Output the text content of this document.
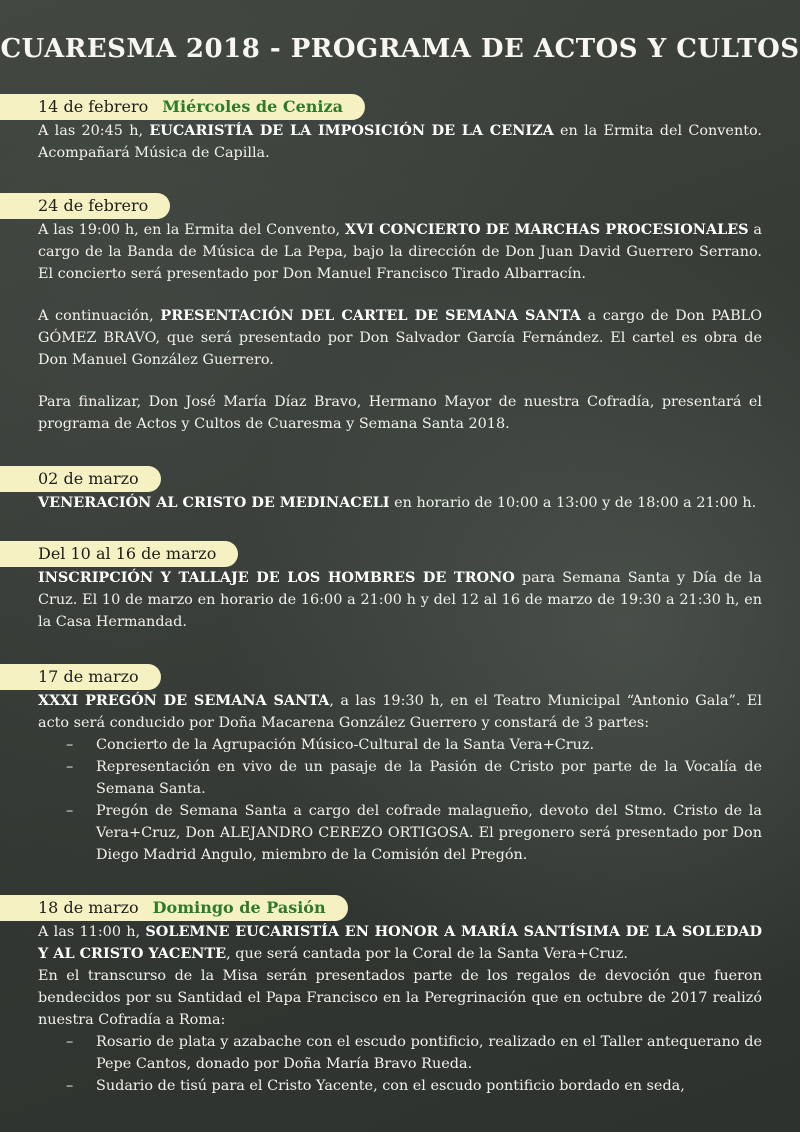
CUARESMA 2018 - PROGRAMA DE ACTOS Y CULTOS
14 de febrero Miércoles de Ceniza

A las 20:45 h, EUCARISTÍA DE LA IMPOSICIÓN DE LA CENIZA en la Ermita del Convento. Acompañará Música de Capilla.

24 de febrero

A las 19:00 h, en la Ermita del Convento, XVI CONCIERTO DE MARCHAS PROCESIONALES a cargo de la Banda de Música de La Pepa, bajo la dirección de Don Juan David Guerrero Serrano. El concierto será presentado por Don Manuel Francisco Tirado Albarracín.

A continuación, PRESENTACIÓN DEL CARTEL DE SEMANA SANTA a cargo de Don PABLO GÓMEZ BRAVO, que será presentado por Don Salvador García Fernández. El cartel es obra de Don Manuel González Guerrero.

Para finalizar, Don José María Díaz Bravo, Hermano Mayor de nuestra Cofradía, presentará el programa de Actos y Cultos de Cuaresma y Semana Santa 2018.

02 de marzo

VENERACIÓN AL CRISTO DE MEDINACELI en horario de 10:00 a 13:00 y de 18:00 a 21:00 h.

Del 10 al 16 de marzo

INSCRIPCIÓN Y TALLAJE DE LOS HOMBRES DE TRONO para Semana Santa y Día de la Cruz. El 10 de marzo en horario de 16:00 a 21:00 h y del 12 al 16 de marzo de 19:30 a 21:30 h, en la Casa Hermandad.

17 de marzo

XXXI PREGÓN DE SEMANA SANTA, a las 19:30 h, en el Teatro Municipal “Antonio Gala”. El acto será conducido por Doña Macarena González Guerrero y constará de 3 partes:

– Concierto de la Agrupación Músico-Cultural de la Santa Vera+Cruz.
– Representación en vivo de un pasaje de la Pasión de Cristo por parte de la Vocalía de Semana Santa.
– Pregón de Semana Santa a cargo del cofrade malagueño, devoto del Stmo. Cristo de la Vera+Cruz, Don ALEJANDRO CEREZO ORTIGOSA. El pregonero será presentado por Don Diego Madrid Angulo, miembro de la Comisión del Pregón.
18 de marzo Domingo de Pasión

A las 11:00 h, SOLEMNE EUCARISTÍA EN HONOR A MARÍA SANTÍSIMA DE LA SOLEDAD Y AL CRISTO YACENTE, que será cantada por la Coral de la Santa Vera+Cruz.

En el transcurso de la Misa serán presentados parte de los regalos de devoción que fueron bendecidos por su Santidad el Papa Francisco en la Peregrinación que en octubre de 2017 realizó nuestra Cofradía a Roma:

– Rosario de plata y azabache con el escudo pontificio, realizado en el Taller antequerano de Pepe Cantos, donado por Doña María Bravo Rueda.
– Sudario de tisú para el Cristo Yacente, con el escudo pontificio bordado en seda,
